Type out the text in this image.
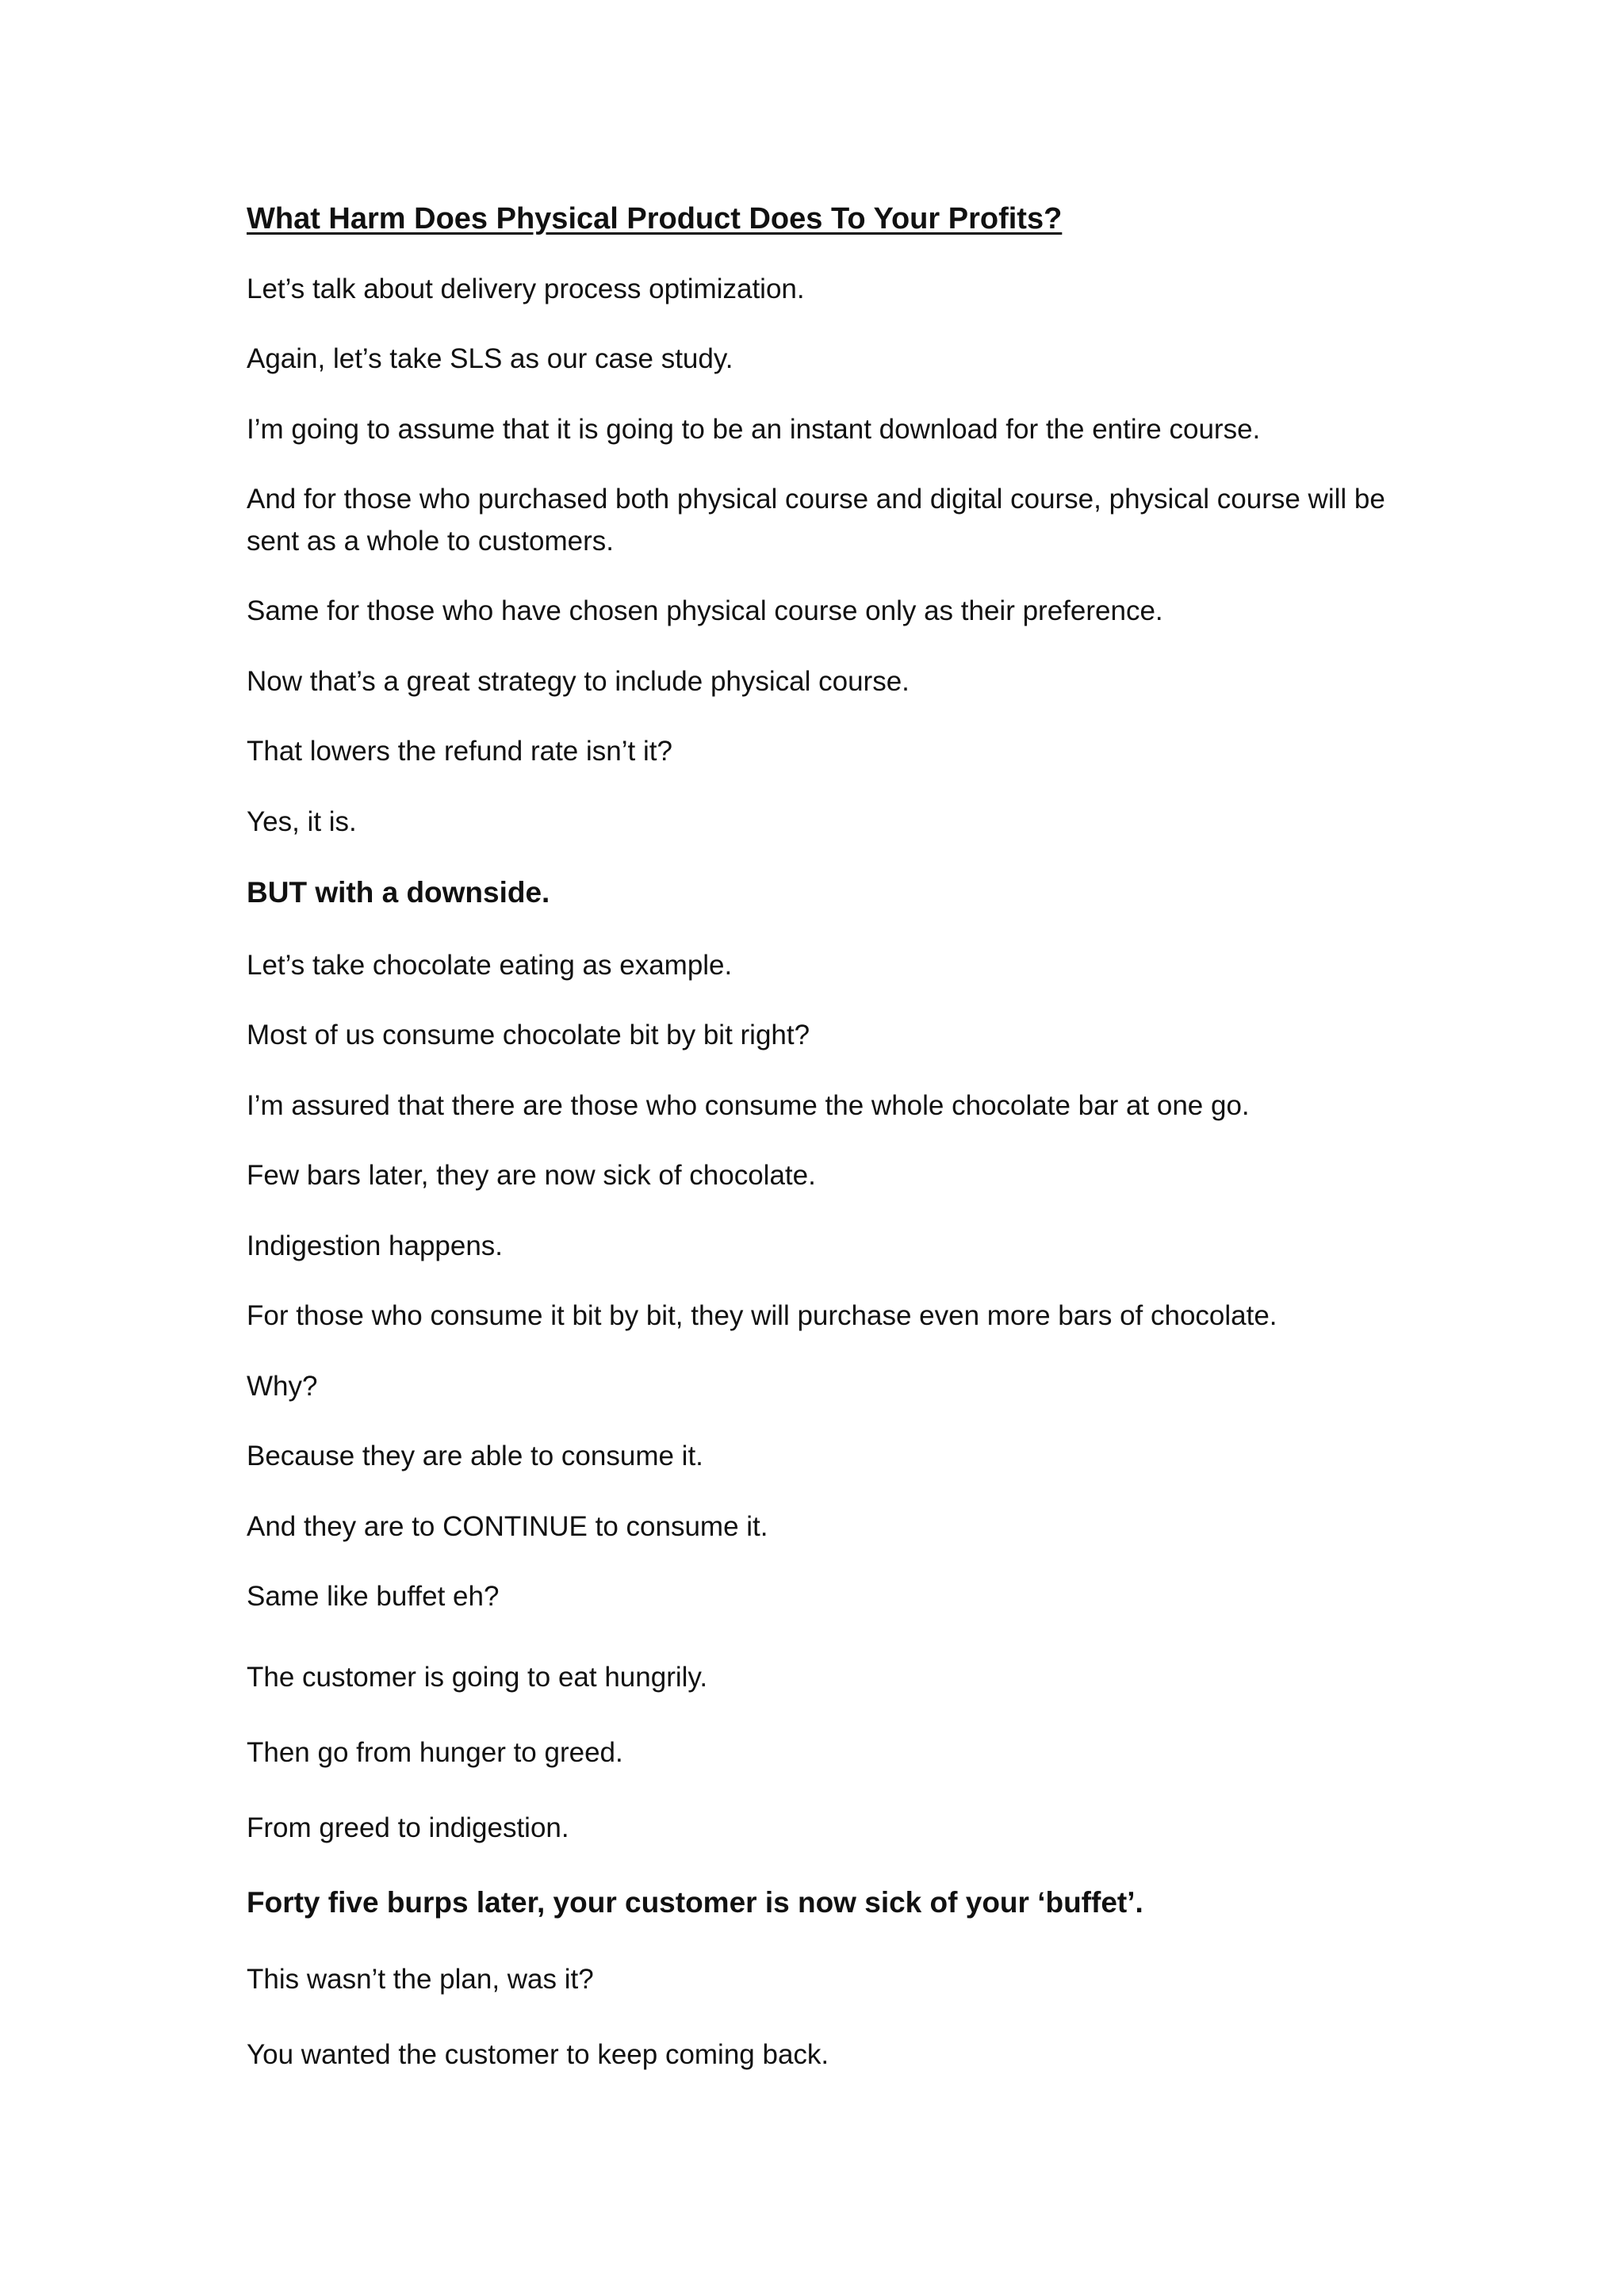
What Harm Does Physical Product Does To Your Profits?

Let’s talk about delivery process optimization.

Again, let’s take SLS as our case study.

I’m going to assume that it is going to be an instant download for the entire course.

And for those who purchased both physical course and digital course, physical course will be

sent as a whole to customers.

Same for those who have chosen physical course only as their preference.

Now that’s a great strategy to include physical course.

That lowers the refund rate isn’t it?

Yes, it is.

BUT with a downside.

Let’s take chocolate eating as example.

Most of us consume chocolate bit by bit right?

I’m assured that there are those who consume the whole chocolate bar at one go.

Few bars later, they are now sick of chocolate.

Indigestion happens.

For those who consume it bit by bit, they will purchase even more bars of chocolate.

Why?

Because they are able to consume it.

And they are to CONTINUE to consume it.

Same like buffet eh?

The customer is going to eat hungrily.

Then go from hunger to greed.

From greed to indigestion.

Forty five burps later, your customer is now sick of your ‘buffet’.

This wasn’t the plan, was it?

You wanted the customer to keep coming back.
